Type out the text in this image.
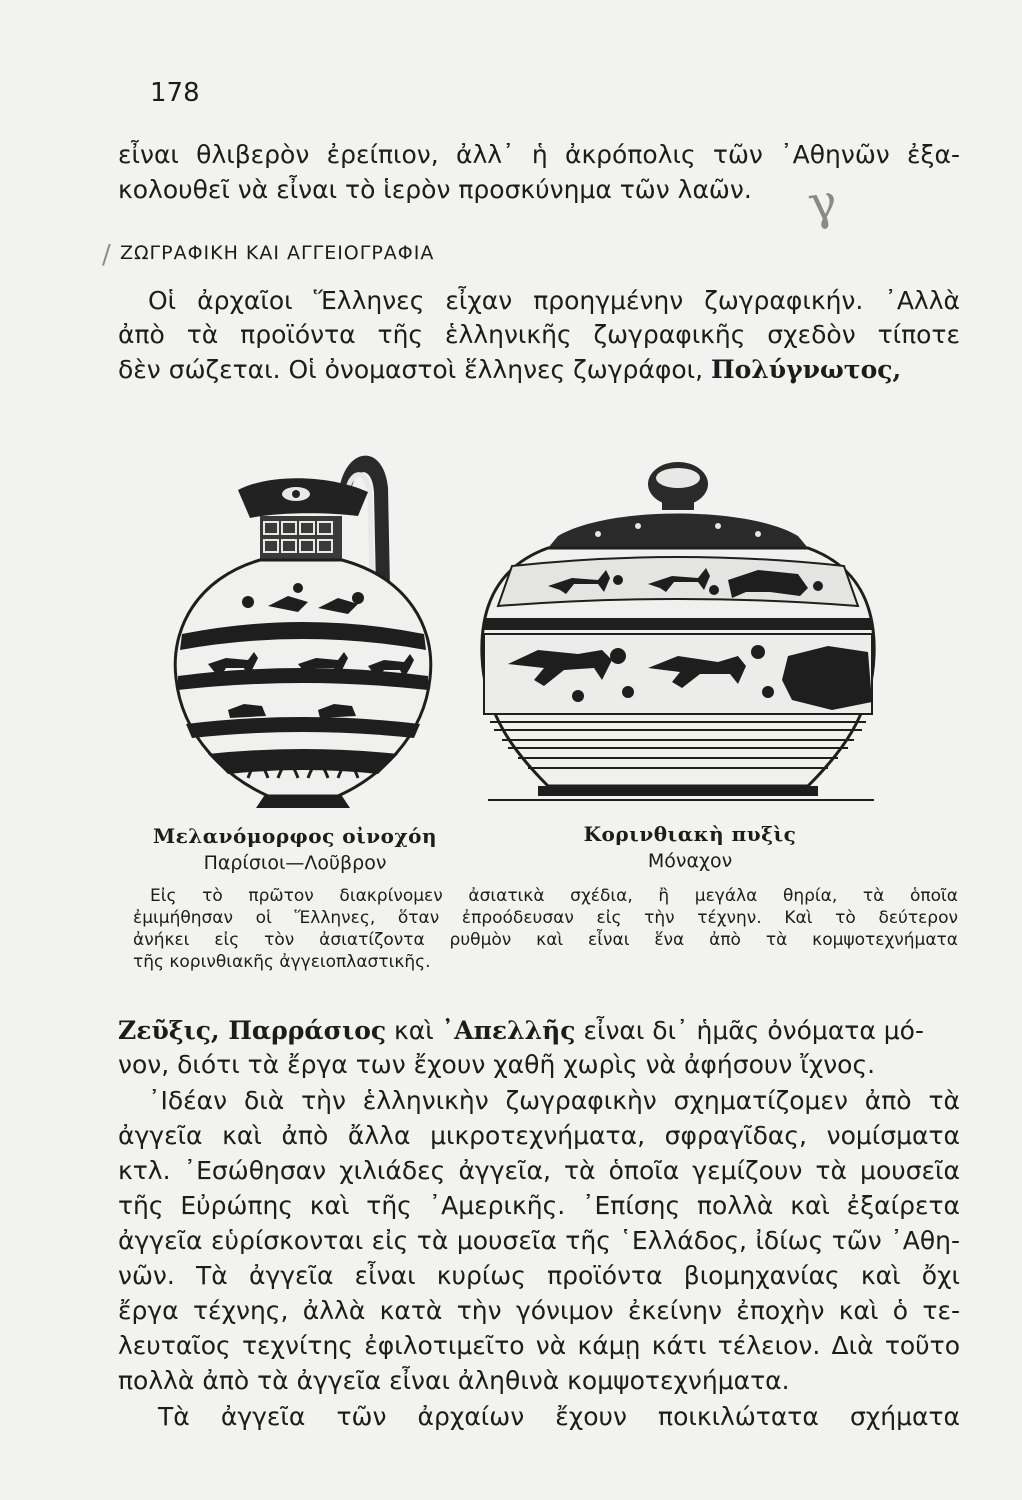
178
εἶναι θλιβερὸν ἐρείπιον, ἀλλ᾽ ἡ ἀκρόπολις τῶν ᾽Αθηνῶν ἐξα-
κολουθεῖ νὰ εἶναι τὸ ἱερὸν προσκύνημα τῶν λαῶν.	γ
/ ΖΩΓΡΑΦΙΚΗ ΚΑΙ ΑΓΓΕΙΟΓΡΑΦΙΑ
Οἱ ἀρχαῖοι Ἕλληνες εἶχαν προηγμένην ζωγραφικήν. ᾽Αλλὰ
ἀπὸ τὰ προϊόντα τῆς ἑλληνικῆς ζωγραφικῆς σχεδὸν τίποτε
δὲν σώζεται. Οἱ ὀνομαστοὶ ἕλληνες ζωγράφοι, Πολύγνωτος,
Μελανόμορφος οἰνοχόη
Παρίσιοι—Λοῦβρον
Κορινθιακὴ πυξὶς
Μόναχον
Εἰς τὸ πρῶτον διακρίνομεν ἀσιατικὰ σχέδια, ἢ μεγάλα θηρία, τὰ ὁποῖα
ἐμιμήθησαν οἱ Ἕλληνες, ὅταν ἐπροόδευσαν εἰς τὴν τέχνην. Καὶ τὸ δεύτερον
ἀνήκει εἰς τὸν ἀσιατίζοντα ρυθμὸν καὶ εἶναι ἕνα ἀπὸ τὰ κομψοτεχνήματα
τῆς κορινθιακῆς ἀγγειοπλαστικῆς.
Ζεῦξις, Παρράσιος καὶ ᾽Απελλῆς εἶναι δι᾽ ἡμᾶς ὀνόματα μό-
νον, διότι τὰ ἔργα των ἔχουν χαθῆ χωρὶς νὰ ἀφήσουν ἴχνος.
᾽Ιδέαν διὰ τὴν ἑλληνικὴν ζωγραφικὴν σχηματίζομεν ἀπὸ τὰ
ἀγγεῖα καὶ ἀπὸ ἄλλα μικροτεχνήματα, σφραγῖδας, νομίσματα
κτλ. ᾽Εσώθησαν χιλιάδες ἀγγεῖα, τὰ ὁποῖα γεμίζουν τὰ μουσεῖα
τῆς Εὐρώπης καὶ τῆς ᾽Αμερικῆς. ᾽Επίσης πολλὰ καὶ ἐξαίρετα
ἀγγεῖα εὑρίσκονται εἰς τὰ μουσεῖα τῆς ῾Ελλάδος, ἰδίως τῶν ᾽Αθη-
νῶν. Τὰ ἀγγεῖα εἶναι κυρίως προϊόντα βιομηχανίας καὶ ὄχι
ἔργα τέχνης, ἀλλὰ κατὰ τὴν γόνιμον ἐκείνην ἐποχὴν καὶ ὁ τε-
λευταῖος τεχνίτης ἐφιλοτιμεῖτο νὰ κάμῃ κάτι τέλειον. Διὰ τοῦτο
πολλὰ ἀπὸ τὰ ἀγγεῖα εἶναι ἀληθινὰ κομψοτεχνήματα.
Τὰ ἀγγεῖα τῶν ἀρχαίων ἔχουν ποικιλώτατα σχήματα
